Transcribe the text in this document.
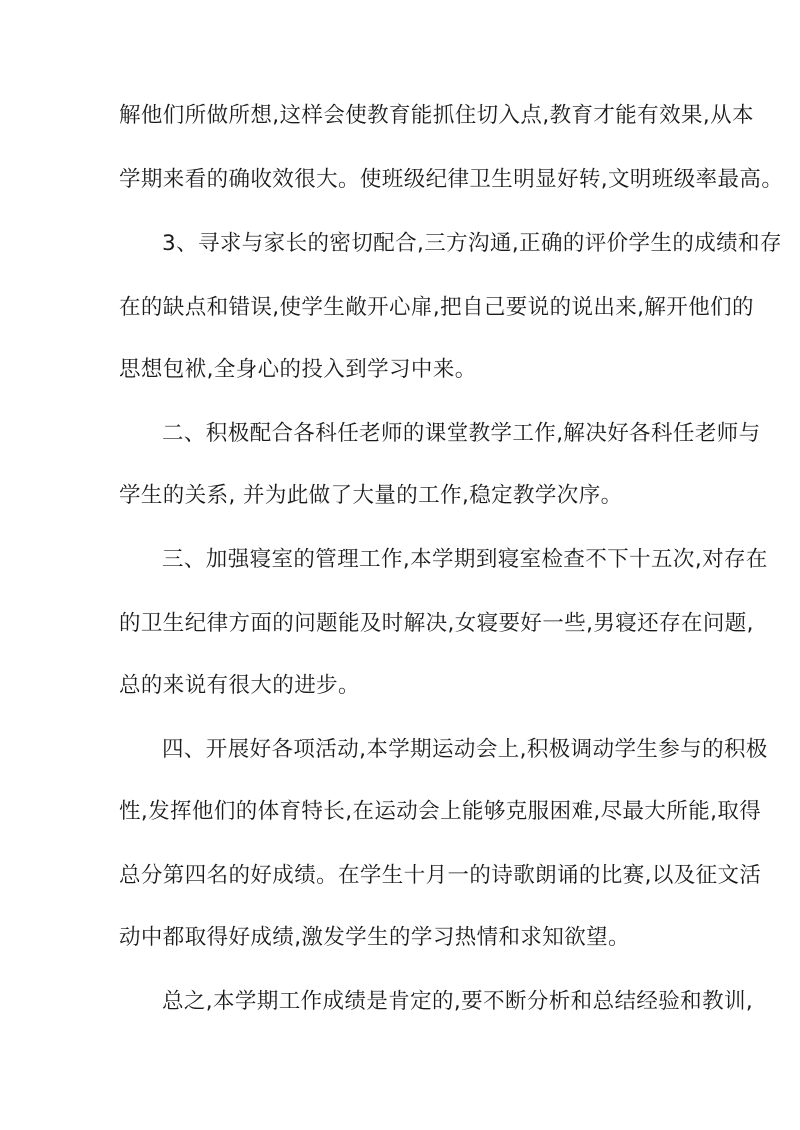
解他们所做所想,这样会使教育能抓住切入点,教育才能有效果,从本
学期来看的确收效很大。使班级纪律卫生明显好转,文明班级率最高。
3、寻求与家长的密切配合,三方沟通,正确的评价学生的成绩和存
在的缺点和错误,使学生敞开心扉,把自己要说的说出来,解开他们的
思想包袱,全身心的投入到学习中来。
二、积极配合各科任老师的课堂教学工作,解决好各科任老师与
学生的关系, 并为此做了大量的工作,稳定教学次序。
三、加强寝室的管理工作,本学期到寝室检查不下十五次,对存在
的卫生纪律方面的问题能及时解决,女寝要好一些,男寝还存在问题,
总的来说有很大的进步。
四、开展好各项活动,本学期运动会上,积极调动学生参与的积极
性,发挥他们的体育特长,在运动会上能够克服困难,尽最大所能,取得
总分第四名的好成绩。在学生十月一的诗歌朗诵的比赛,以及征文活
动中都取得好成绩,激发学生的学习热情和求知欲望。
总之,本学期工作成绩是肯定的,要不断分析和总结经验和教训,
